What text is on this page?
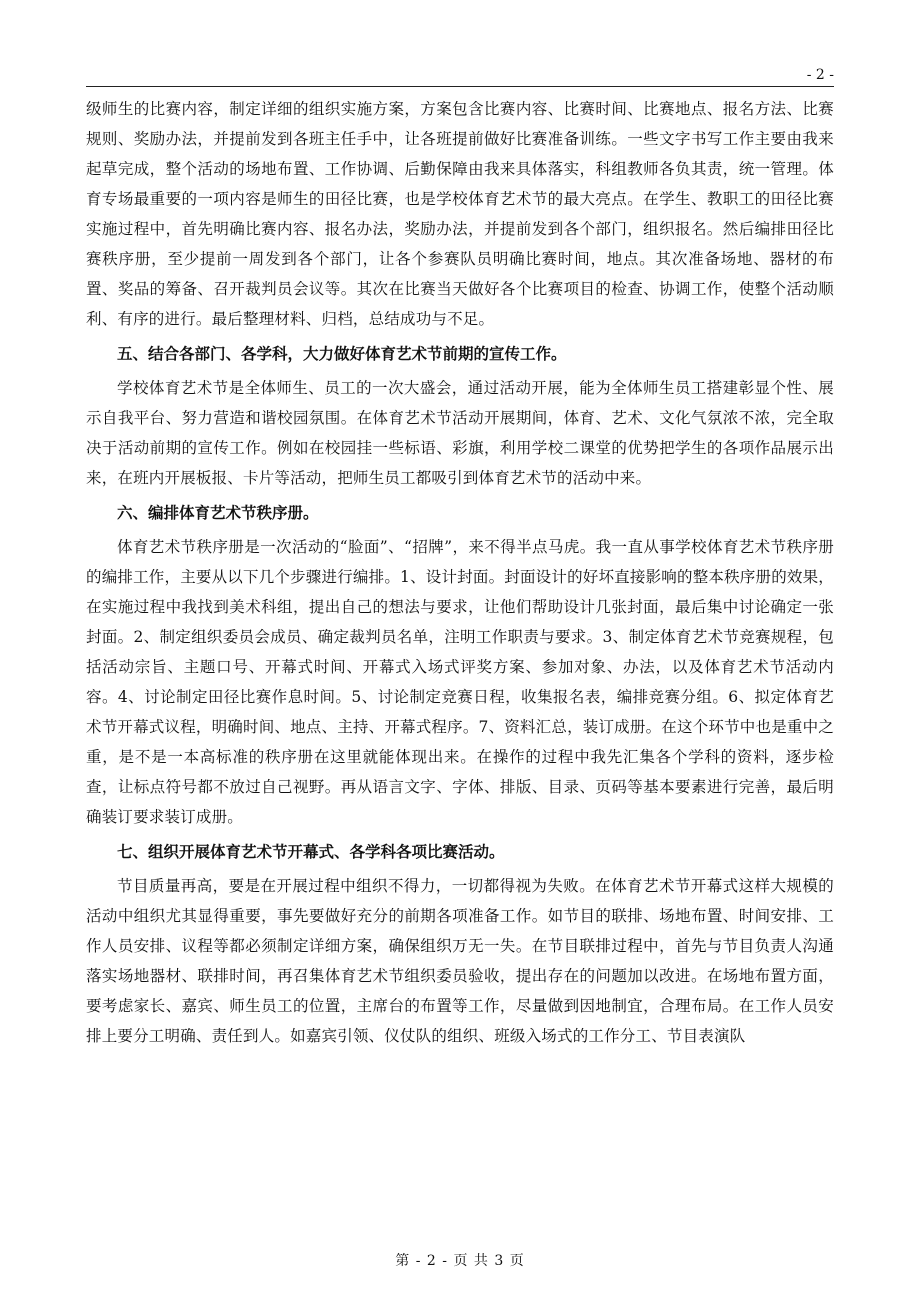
- 2 -

级师生的比赛内容，制定详细的组织实施方案，方案包含比赛内容、比赛时间、比赛地点、报名方法、比赛规则、奖励办法，并提前发到各班主任手中，让各班提前做好比赛准备训练。一些文字书写工作主要由我来起草完成，整个活动的场地布置、工作协调、后勤保障由我来具体落实，科组教师各负其责，统一管理。体育专场最重要的一项内容是师生的田径比赛，也是学校体育艺术节的最大亮点。在学生、教职工的田径比赛实施过程中，首先明确比赛内容、报名办法，奖励办法，并提前发到各个部门，组织报名。然后编排田径比赛秩序册，至少提前一周发到各个部门，让各个参赛队员明确比赛时间，地点。其次准备场地、器材的布置、奖品的筹备、召开裁判员会议等。其次在比赛当天做好各个比赛项目的检查、协调工作，使整个活动顺利、有序的进行。最后整理材料、归档，总结成功与不足。

五、结合各部门、各学科，大力做好体育艺术节前期的宣传工作。

学校体育艺术节是全体师生、员工的一次大盛会，通过活动开展，能为全体师生员工搭建彰显个性、展示自我平台、努力营造和谐校园氛围。在体育艺术节活动开展期间，体育、艺术、文化气氛浓不浓，完全取决于活动前期的宣传工作。例如在校园挂一些标语、彩旗，利用学校二课堂的优势把学生的各项作品展示出来，在班内开展板报、卡片等活动，把师生员工都吸引到体育艺术节的活动中来。

六、编排体育艺术节秩序册。

体育艺术节秩序册是一次活动的“脸面”、“招牌”，来不得半点马虎。我一直从事学校体育艺术节秩序册的编排工作，主要从以下几个步骤进行编排。1、设计封面。封面设计的好坏直接影响的整本秩序册的效果，在实施过程中我找到美术科组，提出自己的想法与要求，让他们帮助设计几张封面，最后集中讨论确定一张封面。2、制定组织委员会成员、确定裁判员名单，注明工作职责与要求。3、制定体育艺术节竞赛规程，包括活动宗旨、主题口号、开幕式时间、开幕式入场式评奖方案、参加对象、办法，以及体育艺术节活动内容。4、讨论制定田径比赛作息时间。5、讨论制定竞赛日程，收集报名表，编排竞赛分组。6、拟定体育艺术节开幕式议程，明确时间、地点、主持、开幕式程序。7、资料汇总，装订成册。在这个环节中也是重中之重，是不是一本高标准的秩序册在这里就能体现出来。在操作的过程中我先汇集各个学科的资料，逐步检查，让标点符号都不放过自己视野。再从语言文字、字体、排版、目录、页码等基本要素进行完善，最后明确装订要求装订成册。

七、组织开展体育艺术节开幕式、各学科各项比赛活动。

节目质量再高，要是在开展过程中组织不得力，一切都得视为失败。在体育艺术节开幕式这样大规模的活动中组织尤其显得重要，事先要做好充分的前期各项准备工作。如节目的联排、场地布置、时间安排、工作人员安排、议程等都必须制定详细方案，确保组织万无一失。在节目联排过程中，首先与节目负责人沟通落实场地器材、联排时间，再召集体育艺术节组织委员验收，提出存在的问题加以改进。在场地布置方面，要考虑家长、嘉宾、师生员工的位置，主席台的布置等工作，尽量做到因地制宜，合理布局。在工作人员安排上要分工明确、责任到人。如嘉宾引领、仪仗队的组织、班级入场式的工作分工、节目表演队

第 - 2 - 页 共 3 页
